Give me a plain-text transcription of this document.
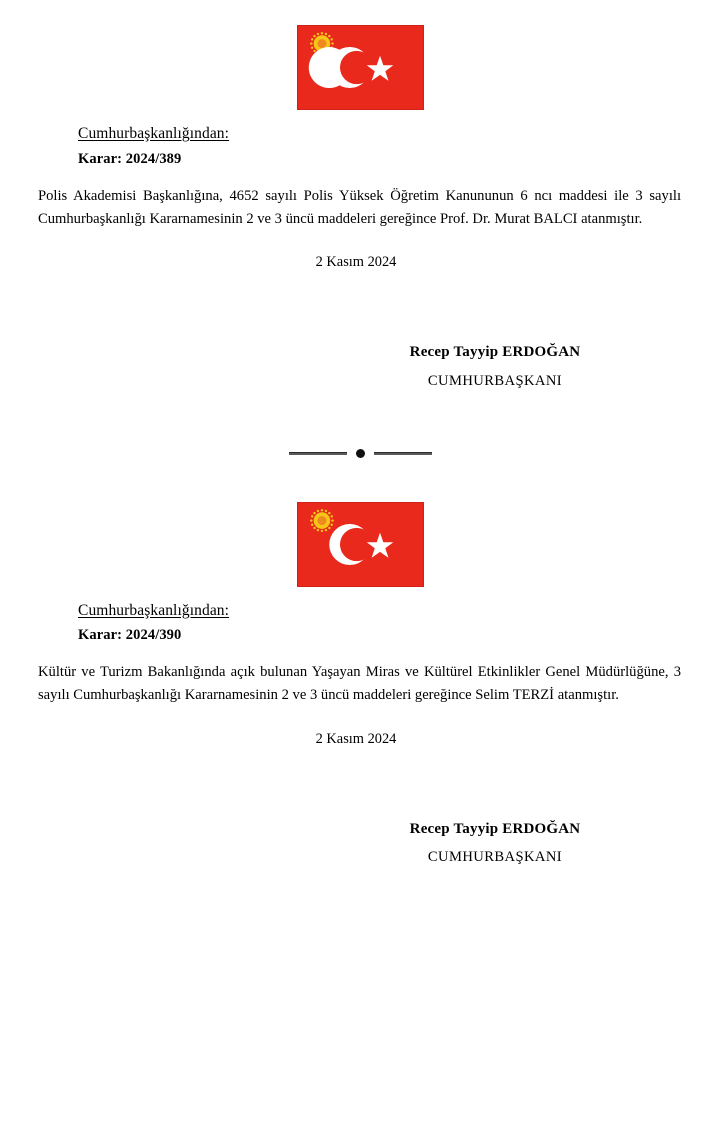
Cumhurbaşkanlığından:
Karar: 2024/389

Polis Akademisi Başkanlığına, 4652 sayılı Polis Yüksek Öğretim Kanununun 6 ncı maddesi ile 3 sayılı Cumhurbaşkanlığı Kararnamesinin 2 ve 3 üncü maddeleri gereğince Prof. Dr. Murat BALCI atanmıştır.

2 Kasım 2024
Recep Tayyip ERDOĞAN
CUMHURBAŞKANI
Cumhurbaşkanlığından:
Karar: 2024/390

Kültür ve Turizm Bakanlığında açık bulunan Yaşayan Miras ve Kültürel Etkinlikler Genel Müdürlüğüne, 3 sayılı Cumhurbaşkanlığı Kararnamesinin 2 ve 3 üncü maddeleri gereğince Selim TERZİ atanmıştır.

2 Kasım 2024
Recep Tayyip ERDOĞAN
CUMHURBAŞKANI
